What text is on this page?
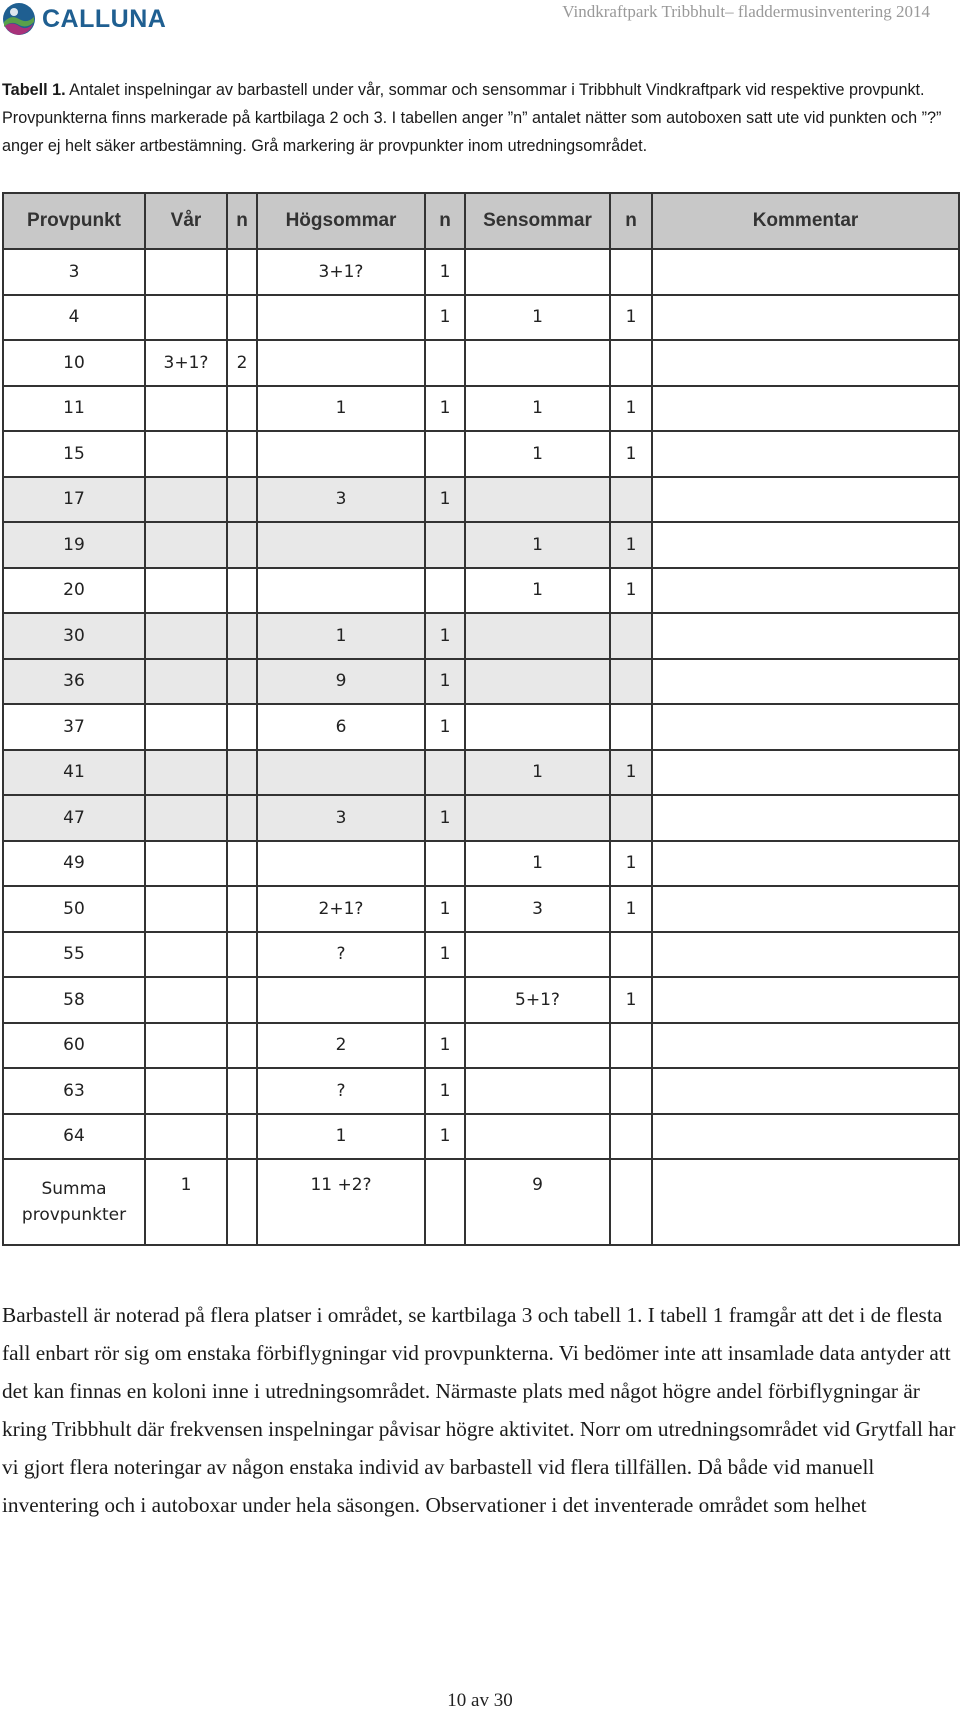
CALLUNA	Vindkraftpark Tribbhult– fladdermusinventering 2014
Tabell 1. Antalet inspelningar av barbastell under vår, sommar och sensommar i Tribbhult Vindkraftpark vid respektive provpunkt. Provpunkterna finns markerade på kartbilaga 2 och 3. I tabellen anger ”n” antalet nätter som autoboxen satt ute vid punkten och ”?” anger ej helt säker artbestämning. Grå markering är provpunkter inom utredningsområdet.
Provpunkt	Vår	n	Högsommar	n	Sensommar	n	Kommentar
3			3+1?	1			
4				1	1	1	
10	3+1?	2					
11			1	1	1	1	
15					1	1	
17			3	1			
19					1	1	
20					1	1	
30			1	1			
36			9	1			
37			6	1			
41					1	1	
47			3	1			
49					1	1	
50			2+1?	1	3	1	
55			?	1			
58					5+1?	1	
60			2	1			
63			?	1			
64			1	1			
Summa
provpunkter	1		11 +2?		9		
Barbastell är noterad på flera platser i området, se kartbilaga 3 och tabell 1. I tabell 1 framgår att det i de flesta fall enbart rör sig om enstaka förbiflygningar vid provpunkterna. Vi bedömer inte att insamlade data antyder att det kan finnas en koloni inne i utredningsområdet. Närmaste plats med något högre andel förbiflygningar är kring Tribbhult där frekvensen inspelningar påvisar högre aktivitet. Norr om utredningsområdet vid Grytfall har vi gjort flera noteringar av någon enstaka individ av barbastell vid flera tillfällen. Då både vid manuell inventering och i autoboxar under hela säsongen. Observationer i det inventerade området som helhet
10 av 30
